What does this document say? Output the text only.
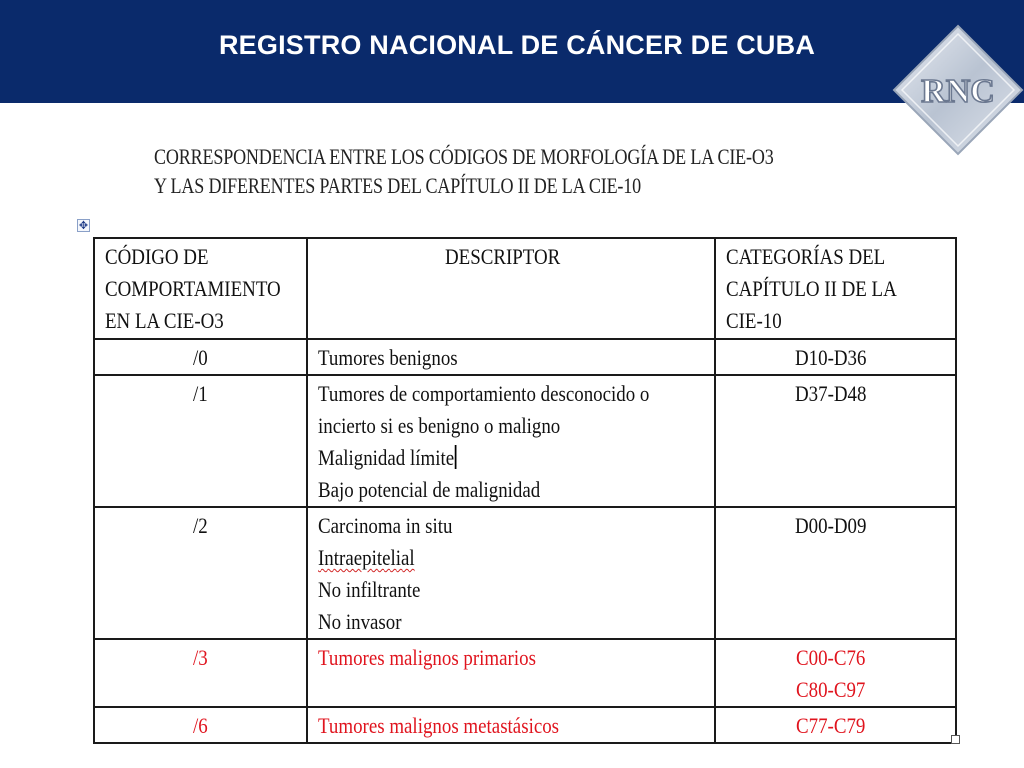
REGISTRO NACIONAL DE CÁNCER DE CUBA
RNC
CORRESPONDENCIA ENTRE LOS CÓDIGOS DE MORFOLOGÍA DE LA CIE-O3
Y LAS DIFERENTES PARTES DEL CAPÍTULO II DE LA CIE-10
✥
CÓDIGO DE
COMPORTAMIENTO
EN LA CIE-O3	DESCRIPTOR	CATEGORÍAS DEL
CAPÍTULO II DE LA
CIE-10

/0	Tumores benignos	D10-D36
/1	Tumores de comportamiento desconocido o
incierto si es benigno o maligno
Malignidad límite
Bajo potencial de malignidad	D37-D48
/2	Carcinoma in situ
Intraepitelial
No infiltrante
No invasor	D00-D09
/3	Tumores malignos primarios	C00-C76
C80-C97

/6	Tumores malignos metastásicos	C77-C79
